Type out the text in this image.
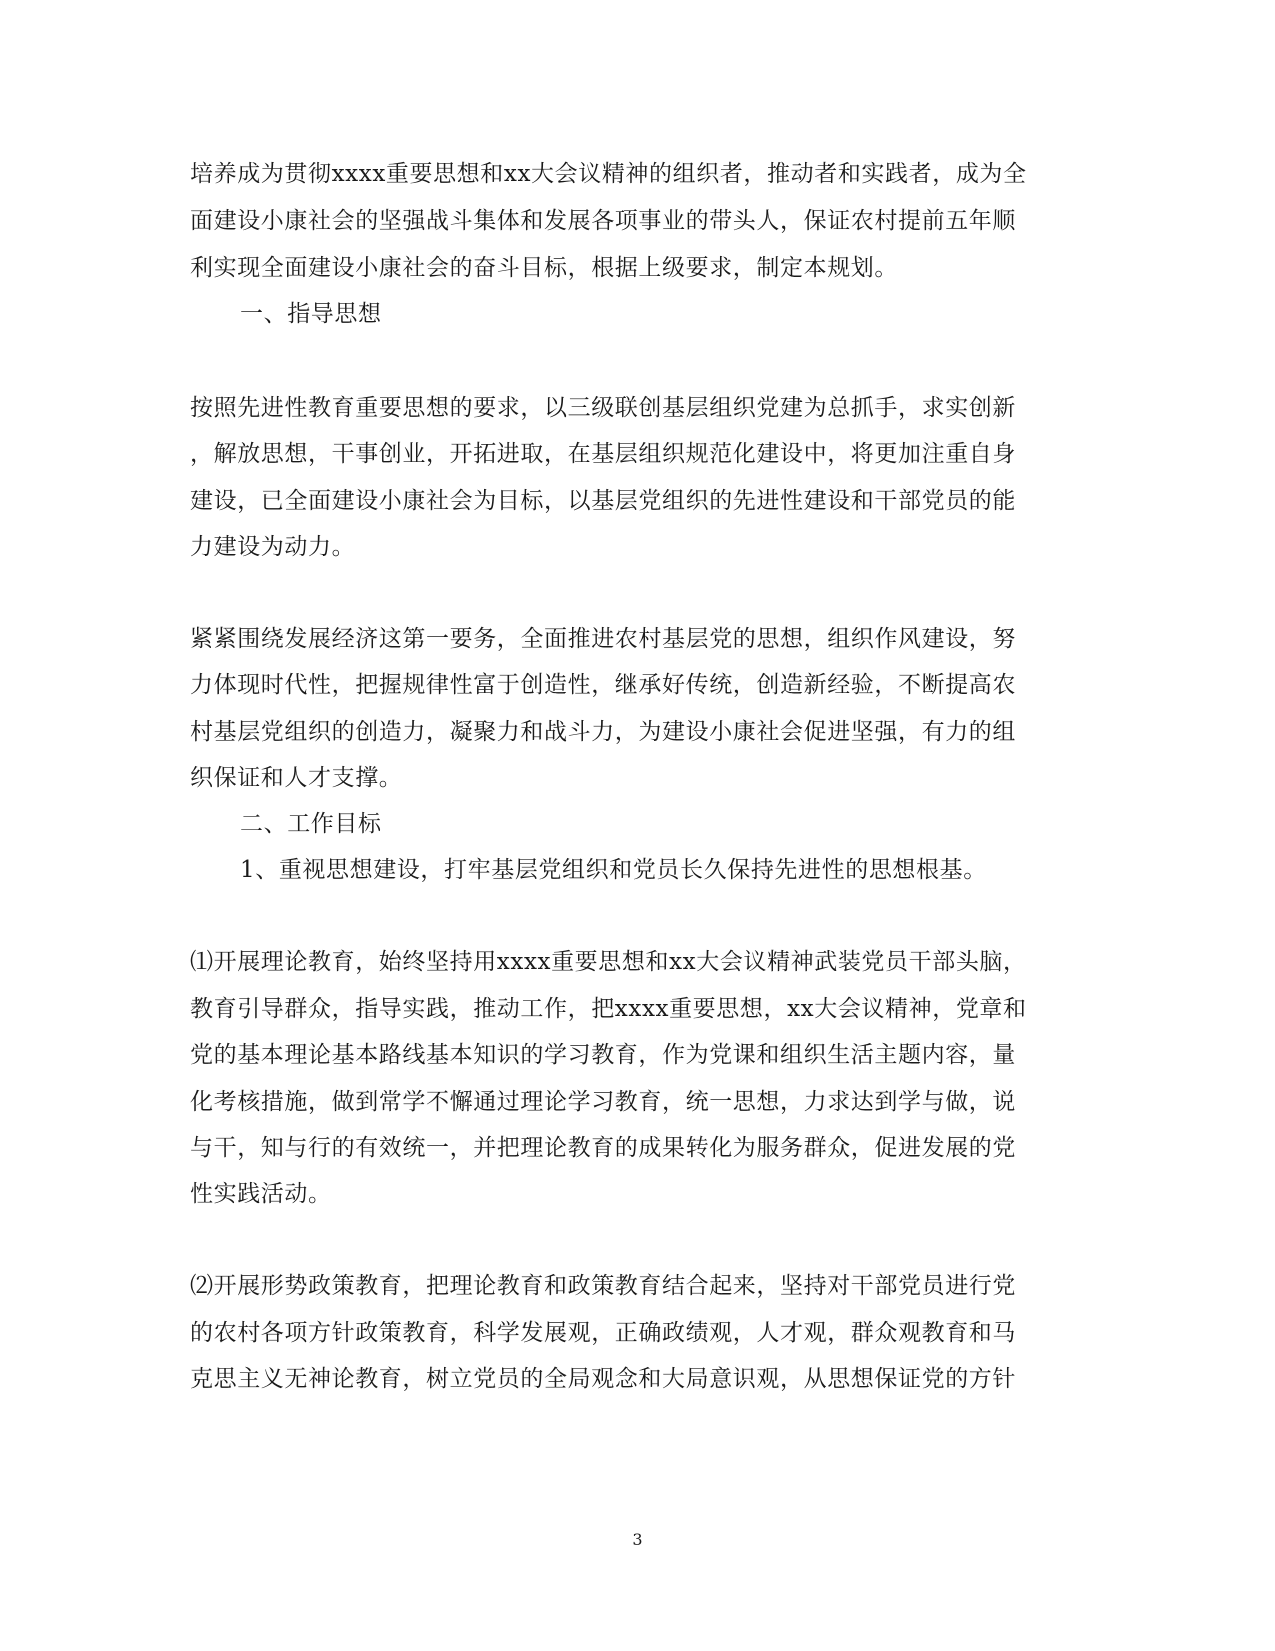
培养成为贯彻xxxx重要思想和xx大会议精神的组织者，推动者和实践者，成为全
面建设小康社会的坚强战斗集体和发展各项事业的带头人，保证农村提前五年顺
利实现全面建设小康社会的奋斗目标，根据上级要求，制定本规划。
一、指导思想
按照先进性教育重要思想的要求，以三级联创基层组织党建为总抓手，求实创新
，解放思想，干事创业，开拓进取，在基层组织规范化建设中，将更加注重自身
建设，已全面建设小康社会为目标，以基层党组织的先进性建设和干部党员的能
力建设为动力。
紧紧围绕发展经济这第一要务，全面推进农村基层党的思想，组织作风建设，努
力体现时代性，把握规律性富于创造性，继承好传统，创造新经验，不断提高农
村基层党组织的创造力，凝聚力和战斗力，为建设小康社会促进坚强，有力的组
织保证和人才支撑。
二、工作目标
1、重视思想建设，打牢基层党组织和党员长久保持先进性的思想根基。
⑴开展理论教育，始终坚持用xxxx重要思想和xx大会议精神武装党员干部头脑，
教育引导群众，指导实践，推动工作，把xxxx重要思想，xx大会议精神，党章和
党的基本理论基本路线基本知识的学习教育，作为党课和组织生活主题内容，量
化考核措施，做到常学不懈通过理论学习教育，统一思想，力求达到学与做，说
与干，知与行的有效统一，并把理论教育的成果转化为服务群众，促进发展的党
性实践活动。
⑵开展形势政策教育，把理论教育和政策教育结合起来，坚持对干部党员进行党
的农村各项方针政策教育，科学发展观，正确政绩观，人才观，群众观教育和马
克思主义无神论教育，树立党员的全局观念和大局意识观，从思想保证党的方针
3
